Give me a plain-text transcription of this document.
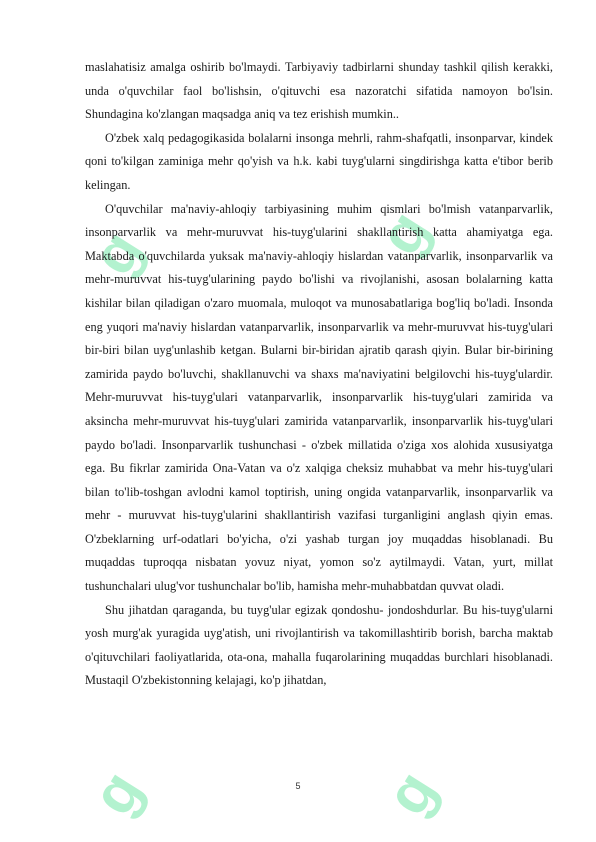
g	g
g	g

maslahatisiz amalga oshirib bo'lmaydi. Tarbiyaviy tadbirlarni shunday tashkil qilish kerakki, unda o'quvchilar faol bo'lishsin, o'qituvchi esa nazoratchi sifatida namoyon bo'lsin. Shundagina ko'zlangan maqsadga aniq va tez erishish mumkin..

O'zbek xalq pedagogikasida bolalarni insonga mehrli, rahm-shafqatli, insonparvar, kindek qoni to'kilgan zaminiga mehr qo'yish va h.k. kabi tuyg'ularni singdirishga katta e'tibor berib kelingan.

O'quvchilar ma'naviy-ahloqiy tarbiyasining muhim qismlari bo'lmish vatanparvarlik, insonparvarlik va mehr-muruvvat his-tuyg'ularini shakllantirish katta ahamiyatga ega. Maktabda o'quvchilarda yuksak ma'naviy-ahloqiy hislardan vatanparvarlik, insonparvarlik va mehr-muruvvat his-tuyg'ularining paydo bo'lishi va rivojlanishi, asosan bolalarning katta kishilar bilan qiladigan o'zaro muomala, muloqot va munosabatlariga bog'liq bo'ladi. Insonda eng yuqori ma'naviy hislardan vatanparvarlik, insonparvarlik va mehr-muruvvat his-tuyg'ulari bir-biri bilan uyg'unlashib ketgan. Bularni bir-biridan ajratib qarash qiyin. Bular bir-birining zamirida paydo bo'luvchi, shakllanuvchi va shaxs ma'naviyatini belgilovchi his-tuyg'ulardir. Mehr-muruvvat his-tuyg'ulari vatanparvarlik, insonparvarlik his-tuyg'ulari zamirida va aksincha mehr-muruvvat his-tuyg'ulari zamirida vatanparvarlik, insonparvarlik his-tuyg'ulari paydo bo'ladi. Insonparvarlik tushunchasi - o'zbek millatida o'ziga xos alohida xususiyatga ega. Bu fikrlar zamirida Ona-Vatan va o'z xalqiga cheksiz muhabbat va mehr his-tuyg'ulari bilan to'lib-toshgan avlodni kamol toptirish, uning ongida vatanparvarlik, insonparvarlik va mehr - muruvvat his-tuyg'ularini shakllantirish vazifasi turganligini anglash qiyin emas. O'zbeklarning urf-odatlari bo'yicha, o'zi yashab turgan joy muqaddas hisoblanadi. Bu muqaddas tuproqqa nisbatan yovuz niyat, yomon so'z aytilmaydi. Vatan, yurt, millat tushunchalari ulug'vor tushunchalar bo'lib, hamisha mehr-muhabbatdan quvvat oladi.

Shu jihatdan qaraganda, bu tuyg'ular egizak qondoshu- jondoshdurlar. Bu his-tuyg'ularni yosh murg'ak yuragida uyg'atish, uni rivojlantirish va takomillashtirib borish, barcha maktab o'qituvchilari faoliyatlarida, ota-ona, mahalla fuqarolarining muqaddas burchlari hisoblanadi. Mustaqil O'zbekistonning kelajagi, ko'p jihatdan,

5
